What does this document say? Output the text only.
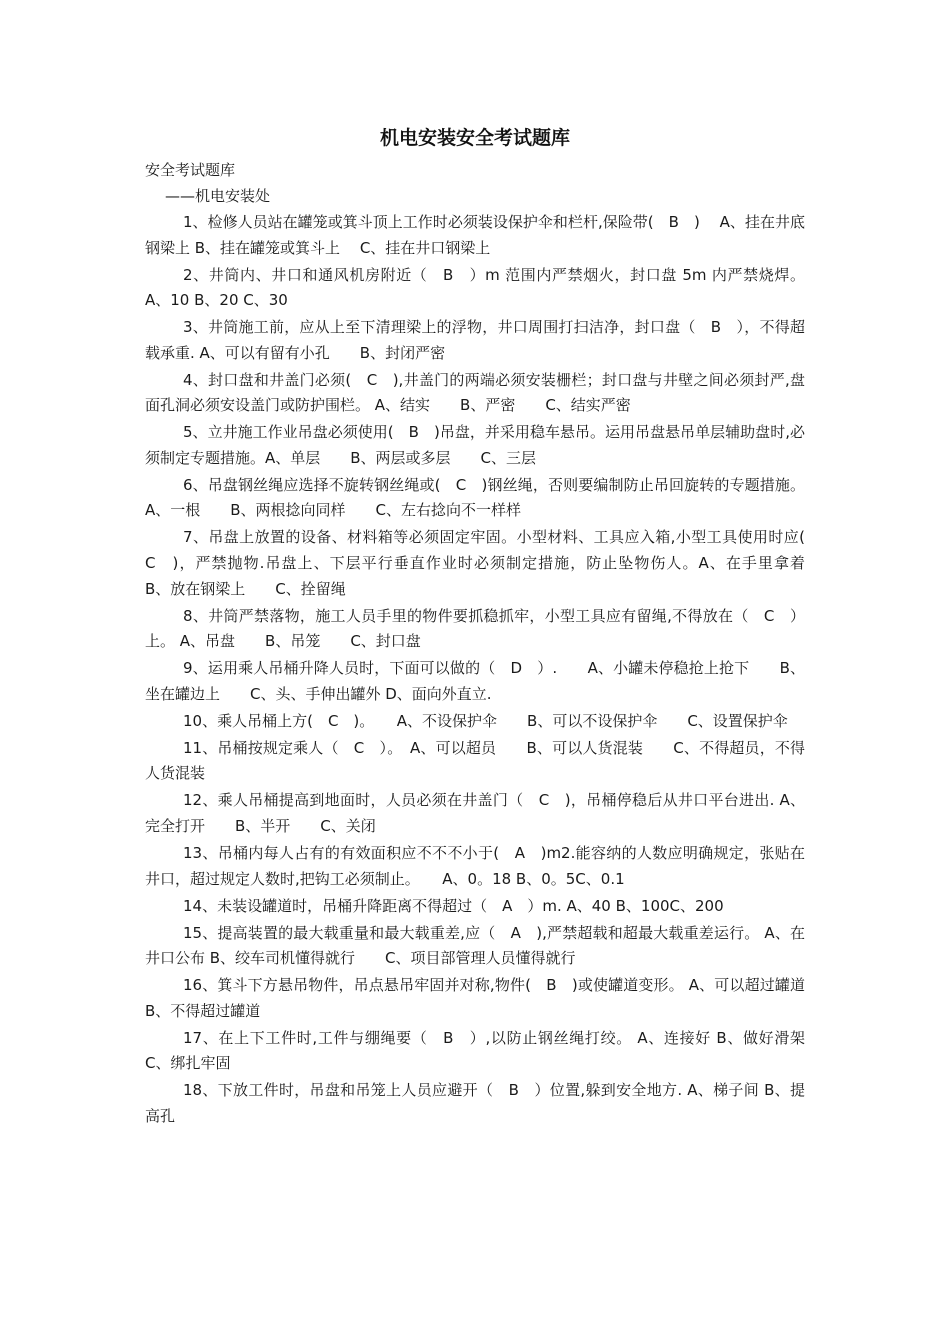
机电安装安全考试题库
安全考试题库
——机电安装处

1、检修人员站在罐笼或箕斗顶上工作时必须装设保护伞和栏杆,保险带(　B　)　 A、挂在井底钢梁上 B、挂在罐笼或箕斗上　 C、挂在井口钢梁上

2、井筒内、井口和通风机房附近（　B　）m 范围内严禁烟火，封口盘 5m 内严禁烧焊。 A、10 B、20 C、30

3、井筒施工前，应从上至下清理梁上的浮物，井口周围打扫洁净，封口盘（　B　），不得超载承重. A、可以有留有小孔　　B、封闭严密

4、封口盘和井盖门必须(　C　),井盖门的两端必须安装栅栏；封口盘与井壁之间必须封严,盘面孔洞必须安设盖门或防护围栏。 A、结实　　B、严密　　C、结实严密

5、立井施工作业吊盘必须使用(　B　)吊盘，并采用稳车悬吊。运用吊盘悬吊单层辅助盘时,必须制定专题措施。A、单层　　B、两层或多层　　C、三层

6、吊盘钢丝绳应选择不旋转钢丝绳或(　C　)钢丝绳，否则要编制防止吊回旋转的专题措施。 A、一根　　B、两根捻向同样　　C、左右捻向不一样样

7、吊盘上放置的设备、材料箱等必须固定牢固。小型材料、工具应入箱,小型工具使用时应(　C　)，严禁抛物.吊盘上、下层平行垂直作业时必须制定措施，防止坠物伤人。A、在手里拿着　　B、放在钢梁上　　C、拴留绳

8、井筒严禁落物，施工人员手里的物件要抓稳抓牢，小型工具应有留绳,不得放在（　C　）上。 A、吊盘　　B、吊笼　　C、封口盘

9、运用乘人吊桶升降人员时，下面可以做的（　D　）.　　A、小罐未停稳抢上抢下　　B、坐在罐边上　　C、头、手伸出罐外 D、面向外直立.

10、乘人吊桶上方(　C　)。　　A、不设保护伞　　B、可以不设保护伞　　C、设置保护伞

11、吊桶按规定乘人（　C　）。　A、可以超员　　B、可以人货混装　　C、不得超员，不得人货混装

12、乘人吊桶提高到地面时，人员必须在井盖门（　C　)，吊桶停稳后从井口平台进出. A、完全打开　　B、半开　　C、关闭

13、吊桶内每人占有的有效面积应不不不小于(　A　)m2.能容纳的人数应明确规定，张贴在井口，超过规定人数时,把钩工必须制止。　　A、0。18 B、0。5C、0.1

14、未装设罐道时，吊桶升降距离不得超过（　A　）m. A、40 B、100C、200

15、提高装置的最大载重量和最大载重差,应（　A　),严禁超载和超最大载重差运行。 A、在井口公布 B、绞车司机懂得就行　　C、项目部管理人员懂得就行

16、箕斗下方悬吊物件，吊点悬吊牢固并对称,物件(　B　)或使罐道变形。 A、可以超过罐道 B、不得超过罐道

17、在上下工件时,工件与绷绳要（　B　）,以防止钢丝绳打绞。 A、连接好 B、做好滑架　　C、绑扎牢固

18、下放工件时，吊盘和吊笼上人员应避开（　B　）位置,躲到安全地方. A、梯子间 B、提高孔
